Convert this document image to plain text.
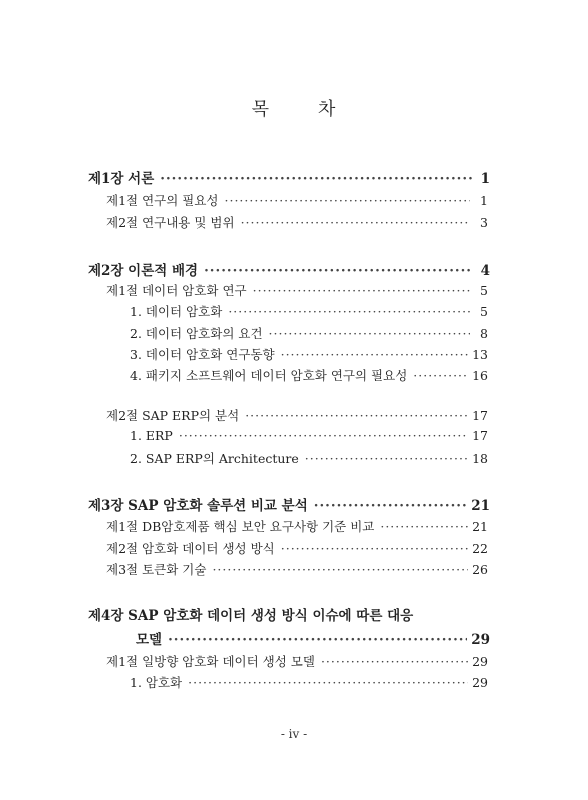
목	차
제1장 서론 ·····	1
제1절 연구의 필요성 ·····	1
제2절 연구내용 및 범위 ·····	3
제2장 이론적 배경 ·····	4
제1절 데이터 암호화 연구 ·····	5
1. 데이터 암호화 ·····	5
2. 데이터 암호화의 요건 ·····	8
3. 데이터 암호화 연구동향 ·····	13
4. 패키지 소프트웨어 데이터 암호화 연구의 필요성 ·····	16
제2절 SAP ERP의 분석 ·····	17
1. ERP ·····	17
2. SAP ERP의 Architecture ·····	18
제3장 SAP 암호화 솔루션 비교 분석 ·····	21
제1절 DB암호제품 핵심 보안 요구사항 기준 비교 ·····	21
제2절 암호화 데이터 생성 방식 ·····	22
제3절 토큰화 기술 ·····	26
제4장 SAP 암호화 데이터 생성 방식 이슈에 따른 대응
모델 ·····	29
제1절 일방향 암호화 데이터 생성 모델 ·····	29
1. 암호화 ·····	29
- iv -
